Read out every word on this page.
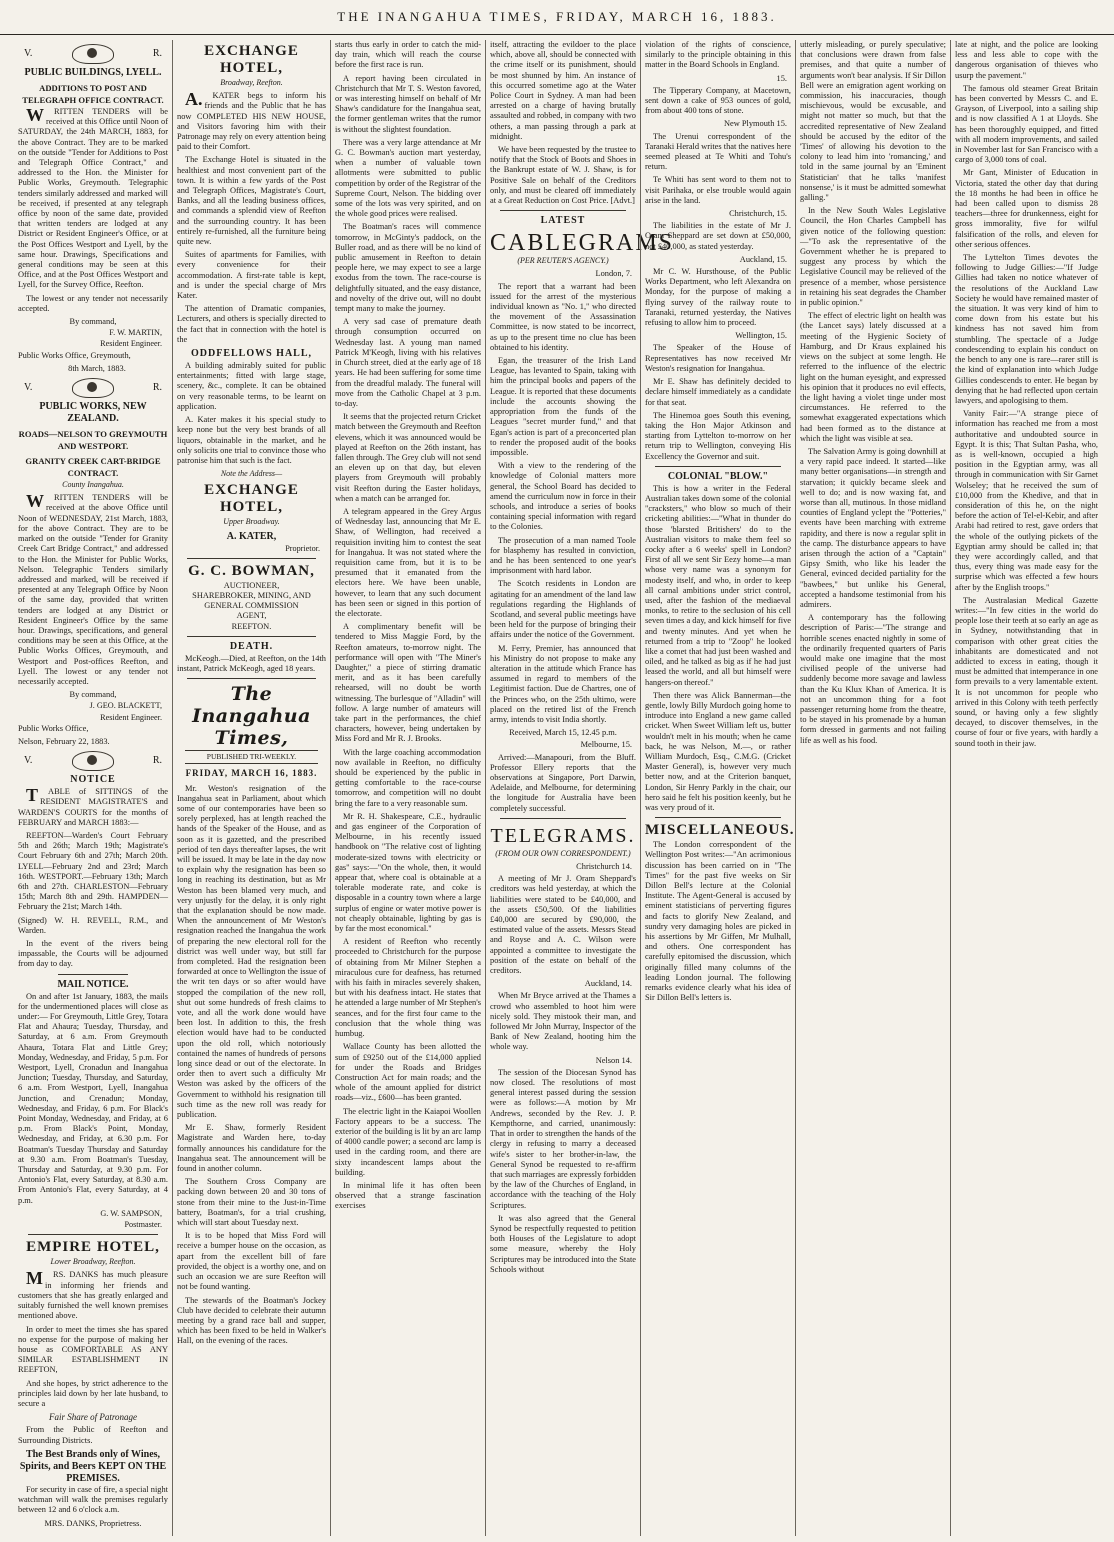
THE INANGAHUA TIMES, FRIDAY, MARCH 16, 1883.
V.	R.
PUBLIC BUILDINGS, LYELL.
ADDITIONS TO POST AND TELEGRAPH OFFICE CONTRACT.
WRITTEN TENDERS will be received at this Office until Noon of SATURDAY, the 24th MARCH, 1883, for the above Contract. They are to be marked on the outside "Tender for Additions to Post and Telegraph Office Contract," and addressed to the Hon. the Minister for Public Works, Greymouth. Telegraphic tenders similarly addressed and marked will be received, if presented at any telegraph office by noon of the same date, provided that written tenders are lodged at any District or Resident Engineer's Office, or at the Post Offices Westport and Lyell, by the same hour. Drawings, Specifications and general conditions may be seen at this Office, and at the Post Offices Westport and Lyell, for the Survey Office, Reefton.
The lowest or any tender not necessarily accepted.
By command,
F. W. MARTIN,
Resident Engineer.
Public Works Office, Greymouth,
8th March, 1883.
V.	R.
PUBLIC WORKS, NEW ZEALAND.
ROADS—NELSON TO GREYMOUTH AND WESTPORT.
GRANITY CREEK CART-BRIDGE CONTRACT.
County Inangahua.
WRITTEN TENDERS will be received at the above Office until Noon of WEDNESDAY, 21st March, 1883, for the above Contract. They are to be marked on the outside "Tender for Granity Creek Cart Bridge Contract," and addressed to the Hon. the Minister for Public Works, Nelson. Telegraphic Tenders similarly addressed and marked, will be received if presented at any Telegraph Office by Noon of the same day, provided that written tenders are lodged at any District or Resident Engineer's Office by the same hour. Drawings, specifications, and general conditions may be seen at this Office, at the Public Works Offices, Greymouth, and Westport and Post-offices Reefton, and Lyell. The lowest or any tender not necessarily accepted.
By command,
J. GEO. BLACKETT,
Resident Engineer.
Public Works Office,
Nelson, February 22, 1883.
V.	R.
NOTICE
TABLE of SITTINGS of the RESIDENT MAGISTRATE'S and WARDEN'S COURTS for the months of FEBRUARY and MARCH 1883:—
REEFTON—Warden's Court February 5th and 26th; March 19th; Magistrate's Court February 6th and 27th; March 20th. LYELL—February 2nd and 23rd; March 16th. WESTPORT.—February 13th; March 6th and 27th. CHARLESTON—February 15th; March 8th and 29th. HAMPDEN—February the 21st; March 14th.
(Signed) W. H. REVELL, R.M., and Warden.
In the event of the rivers being impassable, the Courts will be adjourned from day to day.
MAIL NOTICE.
On and after 1st January, 1883, the mails for the undermentioned places will close as under:— For Greymouth, Little Grey, Totara Flat and Ahaura; Tuesday, Thursday, and Saturday, at 6 a.m. From Greymouth Ahaura, Totara Flat and Little Grey; Monday, Wednesday, and Friday, 5 p.m. For Westport, Lyell, Cronadun and Inangahua Junction; Tuesday, Thursday, and Saturday, 6 a.m. From Westport, Lyell, Inangahua Junction, and Crenadun; Monday, Wednesday, and Friday, 6 p.m. For Black's Point Monday, Wednesday, and Friday, at 6 p.m. From Black's Point, Monday, Wednesday, and Friday, at 6.30 p.m. For Boatman's Tuesday Thursday and Saturday at 9.30 a.m. From Boatman's Tuesday, Thursday and Saturday, at 9.30 p.m. For Antonio's Flat, every Saturday, at 8.30 a.m. From Antonio's Flat, every Saturday, at 4 p.m.
G. W. SAMPSON,
Postmaster.
EMPIRE HOTEL,
Lower Broadway, Reefton.
MRS. DANKS has much pleasure in informing her friends and customers that she has greatly enlarged and suitably furnished the well known premises mentioned above.
In order to meet the times she has spared no expense for the purpose of making her house as COMFORTABLE AS ANY SIMILAR ESTABLISHMENT IN REEFTON,
And she hopes, by strict adherence to the principles laid down by her late husband, to secure a
Fair Share of Patronage
From the Public of Reefton and Surrounding Districts.
The Best Brands only of Wines, Spirits, and Beers KEPT ON THE PREMISES.
For security in case of fire, a special night watchman will walk the premises regularly between 12 and 6 o'clock a.m.
MRS. DANKS, Proprietress.
EXCHANGE HOTEL,
Broadway, Reefton.
A.KATER begs to inform his friends and the Public that he has now COMPLETED HIS NEW HOUSE, and Visitors favoring him with their Patronage may rely on every attention being paid to their Comfort.
The Exchange Hotel is situated in the healthiest and most convenient part of the town. It is within a few yards of the Post and Telegraph Offices, Magistrate's Court, Banks, and all the leading business offices, and commands a splendid view of Reefton and the surrounding country. It has been entirely re-furnished, all the furniture being quite new.
Suites of apartments for Families, with every convenience for their accommodation. A first-rate table is kept, and is under the special charge of Mrs Kater.
The attention of Dramatic companies, Lecturers, and others is specially directed to the fact that in connection with the hotel is the
ODDFELLOWS HALL,
A building admirably suited for public entertainments; fitted with large stage, scenery, &c., complete. It can be obtained on very reasonable terms, to be learnt on application.
A. Kater makes it his special study to keep none but the very best brands of all liquors, obtainable in the market, and he only solicits one trial to convince those who patronise him that such is the fact.
Note the Address—
EXCHANGE HOTEL,
Upper Broadway.
A. KATER,
Proprietor.
G. C. BOWMAN,
AUCTIONEER,
SHAREBROKER, MINING, AND
GENERAL COMMISSION
AGENT,
REEFTON.
DEATH.
McKeogh.—Died, at Reefton, on the 14th instant, Patrick McKeogh, aged 18 years.
The Inangahua Times,
PUBLISHED TRI-WEEKLY.
FRIDAY, MARCH 16, 1883.
Mr. Weston's resignation of the Inangahua seat in Parliament, about which some of our contemporaries have been so sorely perplexed, has at length reached the hands of the Speaker of the House, and as soon as it is gazetted, and the prescribed period of ten days thereafter lapses, the writ will be issued. It may be late in the day now to explain why the resignation has been so long in reaching its destination, but as Mr Weston has been blamed very much, and very unjustly for the delay, it is only right that the explanation should be now made. When the announcement of Mr Weston's resignation reached the Inangahua the work of preparing the new electoral roll for the district was well under way, but still far from completed. Had the resignation been forwarded at once to Wellington the issue of the writ ten days or so after would have stopped the compilation of the new roll, shut out some hundreds of fresh claims to vote, and all the work done would have been lost. In addition to this, the fresh election would have had to be conducted upon the old roll, which notoriously contained the names of hundreds of persons long since dead or out of the electorate. In order then to avert such a difficulty Mr Weston was asked by the officers of the Government to withhold his resignation till such time as the new roll was ready for publication.
Mr E. Shaw, formerly Resident Magistrate and Warden here, to-day formally announces his candidature for the Inangahua seat. The announcement will be found in another column.
The Southern Cross Company are packing down between 20 and 30 tons of stone from their mine to the Just-in-Time battery, Boatman's, for a trial crushing, which will start about Tuesday next.
It is to be hoped that Miss Ford will receive a bumper house on the occasion, as apart from the excellent bill of fare provided, the object is a worthy one, and on such an occasion we are sure Reefton will not be found wanting.
The stewards of the Boatman's Jockey Club have decided to celebrate their autumn meeting by a grand race ball and supper, which has been fixed to be held in Walker's Hall, on the evening of the races.
starts thus early in order to catch the mid-day train, which will reach the course before the first race is run.
A report having been circulated in Christchurch that Mr T. S. Weston favored, or was interesting himself on behalf of Mr Shaw's candidature for the Inangahua seat, the former gentleman writes that the rumor is without the slightest foundation.
There was a very large attendance at Mr G. C. Bowman's auction mart yesterday, when a number of valuable town allotments were submitted to public competition by order of the Registrar of the Supreme Court, Nelson. The bidding over some of the lots was very spirited, and on the whole good prices were realised.
The Boatman's races will commence tomorrow, in McGinty's paddock, on the Buller road, and as there will be no kind of public amusement in Reefton to detain people here, we may expect to see a large exodus from the town. The race-course is delightfully situated, and the easy distance, and novelty of the drive out, will no doubt tempt many to make the journey.
A very sad case of premature death through consumption occurred on Wednesday last. A young man named Patrick M'Keogh, living with his relatives in Church street, died at the early age of 18 years. He had been suffering for some time from the dreadful malady. The funeral will move from the Catholic Chapel at 3 p.m. to-day.
It seems that the projected return Cricket match between the Greymouth and Reefton elevens, which it was announced would be played at Reefton on the 26th instant, has fallen through. The Grey club will not send an eleven up on that day, but eleven players from Greymouth will probably visit Reefton during the Easter holidays, when a match can be arranged for.
A telegram appeared in the Grey Argus of Wednesday last, announcing that Mr E. Shaw, of Wellington, had received a requisition inviting him to contest the seat for Inangahua. It was not stated where the requisition came from, but it is to be presumed that it emanated from the electors here. We have been unable, however, to learn that any such document has been seen or signed in this portion of the electorate.
A complimentary benefit will be tendered to Miss Maggie Ford, by the Reefton amateurs, to-morrow night. The performance will open with "The Miner's Daughter," a piece of stirring dramatic merit, and as it has been carefully rehearsed, will no doubt be worth witnessing. The burlesque of "Alladin" will follow. A large number of amateurs will take part in the performances, the chief characters, however, being undertaken by Miss Ford and Mr R. J. Brooks.
With the large coaching accommodation now available in Reefton, no difficulty should be experienced by the public in getting comfortable to the race-course tomorrow, and competition will no doubt bring the fare to a very reasonable sum.
Mr R. H. Shakespeare, C.E., hydraulic and gas engineer of the Corporation of Melbourne, in his recently issued handbook on "The relative cost of lighting moderate-sized towns with electricity or gas" says:—"On the whole, then, it would appear that, where coal is obtainable at a tolerable moderate rate, and coke is disposable in a country town where a large surplus of engine or water motive power is not cheaply obtainable, lighting by gas is by far the most economical."
A resident of Reefton who recently proceeded to Christchurch for the purpose of obtaining from Mr Milner Stephen a miraculous cure for deafness, has returned with his faith in miracles severely shaken, but with his deafness intact. He states that he attended a large number of Mr Stephen's seances, and for the first four came to the conclusion that the whole thing was humbug.
Wallace County has been allotted the sum of £9250 out of the £14,000 applied for under the Roads and Bridges Construction Act for main roads; and the whole of the amount applied for district roads—viz., £600—has been granted.
The electric light in the Kaiapoi Woollen Factory appears to be a success. The exterior of the building is lit by an arc lamp of 4000 candle power; a second arc lamp is used in the carding room, and there are sixty incandescent lamps about the building.
In minimal life it has often been observed that a strange fascination exercises
itself, attracting the evildoer to the place which, above all, should be connected with the crime itself or its punishment, should be most shunned by him. An instance of this occurred sometime ago at the Water Police Court in Sydney. A man had been arrested on a charge of having brutally assaulted and robbed, in company with two others, a man passing through a park at midnight.
We have been requested by the trustee to notify that the Stock of Boots and Shoes in the Bankrupt estate of W. J. Shaw, is for Positive Sale on behalf of the Creditors only, and must be cleared off immediately at a Great Reduction on Cost Price. [Advt.]
LATEST
CABLEGRAMS
(PER REUTER'S AGENCY.)
London, 7.
The report that a warrant had been issued for the arrest of the mysterious individual known as "No. 1," who directed the movement of the Assassination Committee, is now stated to be incorrect, as up to the present time no clue has been obtained to his identity.
Egan, the treasurer of the Irish Land League, has levanted to Spain, taking with him the principal books and papers of the League. It is reported that these documents include the accounts showing the appropriation from the funds of the Leagues "secret murder fund," and that Egan's action is part of a preconcerted plan to render the proposed audit of the books impossible.
With a view to the rendering of the knowledge of Colonial matters more general, the School Board has decided to amend the curriculum now in force in their schools, and introduce a series of books containing special information with regard to the Colonies.
The prosecution of a man named Toole for blasphemy has resulted in conviction, and he has been sentenced to one year's imprisonment with hard labor.
The Scotch residents in London are agitating for an amendment of the land law regulations regarding the Highlands of Scotland, and several public meetings have been held for the purpose of bringing their affairs under the notice of the Government.
M. Ferry, Premier, has announced that his Ministry do not propose to make any alteration in the attitude which France has assumed in regard to members of the Legitimist faction. Due de Chartres, one of the Princes who, on the 25th ultimo, were placed on the retired list of the French army, intends to visit India shortly.
Received, March 15, 12.45 p.m.
Melbourne, 15.
Arrived:—Manapouri, from the Bluff. Professor Ellery reports that the observations at Singapore, Port Darwin, Adelaide, and Melbourne, for determining the longitude for Australia have been completely successful.
TELEGRAMS.
(FROM OUR OWN CORRESPONDENT.)
Christchurch 14.
A meeting of Mr J. Oram Sheppard's creditors was held yesterday, at which the liabilities were stated to be £40,000, and the assets £50,500. Of the liabilities £40,000 are secured by £90,000, the estimated value of the assets. Messrs Stead and Royse and A. C. Wilson were appointed a committee to investigate the position of the estate on behalf of the creditors.
Auckland, 14.
When Mr Bryce arrived at the Thames a crowd who assembled to hoot him were nicely sold. They mistook their man, and followed Mr John Murray, Inspector of the Bank of New Zealand, hooting him the whole way.
Nelson 14.
The session of the Diocesan Synod has now closed. The resolutions of most general interest passed during the session were as follows:—A motion by Mr Andrews, seconded by the Rev. J. P. Kempthorne, and carried, unanimously: That in order to strengthen the hands of the clergy in refusing to marry a deceased wife's sister to her brother-in-law, the General Synod be requested to re-affirm that such marriages are expressly forbidden by the law of the Churches of England, in accordance with the teaching of the Holy Scriptures.
It was also agreed that the General Synod be respectfully requested to petition both Houses of the Legislature to adopt some measure, whereby the Holy Scriptures may be introduced into the State Schools without
violation of the rights of conscience, similarly to the principle obtaining in this matter in the Board Schools in England.
15.
The Tipperary Company, at Macetown, sent down a cake of 953 ounces of gold, from about 400 tons of stone.
New Plymouth 15.
The Urenui correspondent of the Taranaki Herald writes that the natives here seemed pleased at Te Whiti and Tohu's return.
Te Whiti has sent word to them not to visit Parihaka, or else trouble would again arise in the land.
Christchurch, 15.
The liabilities in the estate of Mr J. Oram Sheppard are set down at £50,000, not £40,000, as stated yesterday.
Auckland, 15.
Mr C. W. Hursthouse, of the Public Works Department, who left Alexandra on Monday, for the purpose of making a flying survey of the railway route to Taranaki, returned yesterday, the Natives refusing to allow him to proceed.
Wellington, 15.
The Speaker of the House of Representatives has now received Mr Weston's resignation for Inangahua.
Mr E. Shaw has definitely decided to declare himself immediately as a candidate for that seat.
The Hinemoa goes South this evening, taking the Hon Major Atkinson and starting from Lyttelton to-morrow on her return trip to Wellington, conveying His Excellency the Governor and suit.
COLONIAL "BLOW."
This is how a writer in the Federal Australian takes down some of the colonial "cracksters," who blow so much of their cricketing abilities:—"What in thunder do those 'blarsted Britishers' do to the Australian visitors to make them feel so cocky after a 6 weeks' spell in London? First of all we sent Sir Eezy home—a man whose very name was a synonym for modesty itself, and who, in order to keep all carnal ambitions under strict control, used, after the fashion of the mediaeval monks, to retire to the seclusion of his cell seven times a day, and kick himself for five and twenty minutes. And yet when he returned from a trip to "Zoop" he looked like a comet that had just been washed and oiled, and he talked as big as if he had just leased the world, and all but himself were hangers-on thereof."
Then there was Alick Bannerman—the gentle, lowly Billy Murdoch going home to introduce into England a new game called cricket. When Sweet William left us, butter wouldn't melt in his mouth; when he came back, he was Nelson, M.—, or rather William Murdoch, Esq., C.M.G. (Cricket Master General), is, however very much better now, and at the Criterion banquet, London, Sir Henry Parkly in the chair, our hero said he felt his position keenly, but he was very proud of it.
MISCELLANEOUS.
The London correspondent of the Wellington Post writes:—"An acrimonious discussion has been carried on in "The Times" for the past five weeks on Sir Dillon Bell's lecture at the Colonial Institute. The Agent-General is accused by eminent statisticians of perverting figures and facts to glorify New Zealand, and sundry very damaging holes are picked in his assertions by Mr Giffen, Mr Mulhall, and others. One correspondent has carefully epitomised the discussion, which originally filled many columns of the leading London journal. The following remarks evidence clearly what his idea of Sir Dillon Bell's letters is.
utterly misleading, or purely speculative; that conclusions were drawn from false premises, and that quite a number of arguments won't bear analysis. If Sir Dillon Bell were an emigration agent working on commission, his inaccuracies, though mischievous, would be excusable, and might not matter so much, but that the accredited representative of New Zealand should be accused by the editor of the 'Times' of allowing his devotion to the colony to lead him into 'romancing,' and told in the same journal by an 'Eminent Statistician' that he talks 'manifest nonsense,' is it must be admitted somewhat galling."
In the New South Wales Legislative Council, the Hon Charles Campbell has given notice of the following question:—"To ask the representative of the Government whether he is prepared to suggest any process by which the Legislative Council may be relieved of the presence of a member, whose persistence in retaining his seat degrades the Chamber in public opinion."
The effect of electric light on health was (the Lancet says) lately discussed at a meeting of the Hygienic Society of Hamburg, and Dr Kraus explained his views on the subject at some length. He referred to the influence of the electric light on the human eyesight, and expressed his opinion that it produces no evil effects, the light having a violet tinge under most circumstances. He referred to the somewhat exaggerated expectations which had been formed as to the distance at which the light was visible at sea.
The Salvation Army is going downhill at a very rapid pace indeed. It started—like many better organisations—in strength and starvation; it quickly became sleek and well to do; and is now waxing fat, and worse than all, mutinous. In those midland counties of England yclept the "Potteries," events have been marching with extreme rapidity, and there is now a regular split in the camp. The disturbance appears to have arisen through the action of a "Captain" Gipsy Smith, who like his leader the General, evinced decided partiality for the "bawbees," but unlike his General, accepted a handsome testimonial from his admirers.
A contemporary has the following description of Paris:—"The strange and horrible scenes enacted nightly in some of the ordinarily frequented quarters of Paris would make one imagine that the most civilised people of the universe had suddenly become more savage and lawless than the Ku Klux Khan of America. It is not an uncommon thing for a foot passenger returning home from the theatre, to be stayed in his promenade by a human form dressed in garments and not failing life as well as his food.
late at night, and the police are looking less and less able to cope with the dangerous organisation of thieves who usurp the pavement."
The famous old steamer Great Britain has been converted by Messrs C. and E. Grayson, of Liverpool, into a sailing ship and is now classified A 1 at Lloyds. She has been thoroughly equipped, and fitted with all modern improvements, and sailed in November last for San Francisco with a cargo of 3,000 tons of coal.
Mr Gant, Minister of Education in Victoria, stated the other day that during the 18 months he had been in office he had been called upon to dismiss 28 teachers—three for drunkenness, eight for gross immorality, five for wilful falsification of the rolls, and eleven for other serious offences.
The Lyttelton Times devotes the following to Judge Gillies:—"If Judge Gillies had taken no notice whatever of the resolutions of the Auckland Law Society he would have remained master of the situation. It was very kind of him to come down from his estate but his kindness has not saved him from stumbling. The spectacle of a Judge condescending to explain his conduct on the bench to any one is rare—rarer still is the kind of explanation into which Judge Gillies condescends to enter. He began by denying that he had reflected upon certain lawyers, and apologising to them.
Vanity Fair:—"A strange piece of information has reached me from a most authoritative and undoubted source in Egypt. It is this; That Sultan Pasha, who, as is well-known, occupied a high position in the Egyptian army, was all through in communication with Sir Garnet Wolseley; that he received the sum of £10,000 from the Khedive, and that in consideration of this he, on the night before the action of Tel-el-Kebir, and after Arabi had retired to rest, gave orders that the whole of the outlying pickets of the Egyptian army should be called in; that they were accordingly called, and that thus, every thing was made easy for the surprise which was effected a few hours after by the English troops."
The Australasian Medical Gazette writes:—"In few cities in the world do people lose their teeth at so early an age as in Sydney, notwithstanding that in comparison with other great cities the inhabitants are domesticated and not addicted to excess in eating, though it must be admitted that intemperance in one form prevails to a very lamentable extent. It is not uncommon for people who arrived in this Colony with teeth perfectly sound, or having only a few slightly decayed, to discover themselves, in the course of four or five years, with hardly a sound tooth in their jaw.
